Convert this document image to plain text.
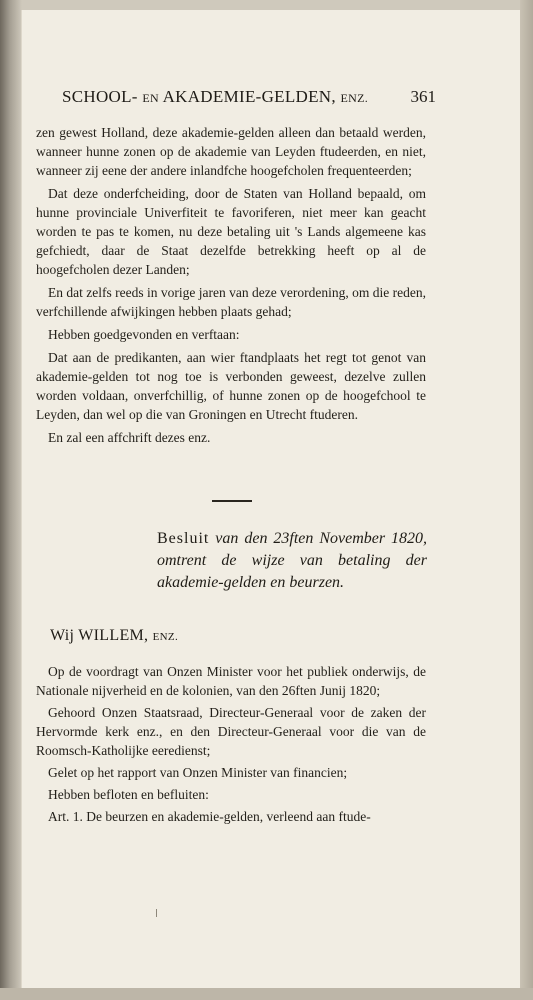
SCHOOL- EN AKADEMIE-GELDEN, ENZ.	361

zen gewest Holland, deze akademie-gelden alleen dan betaald werden, wanneer hunne zonen op de akademie van Leyden ftudeerden, en niet, wanneer zij eene der andere inlandfche hoogefcholen frequenteerden;

Dat deze onderfcheiding, door de Staten van Holland bepaald, om hunne provinciale Univerfiteit te favoriferen, niet meer kan geacht worden te pas te komen, nu deze betaling uit 's Lands algemeene kas gefchiedt, daar de Staat dezelfde betrekking heeft op al de hoogefcholen dezer Landen;

En dat zelfs reeds in vorige jaren van deze verordening, om die reden, verfchillende afwijkingen hebben plaats gehad;

Hebben goedgevonden en verftaan:

Dat aan de predikanten, aan wier ftandplaats het regt tot genot van akademie-gelden tot nog toe is verbonden geweest, dezelve zullen worden voldaan, onverfchillig, of hunne zonen op de hoogefchool te Leyden, dan wel op die van Groningen en Utrecht ftuderen.

En zal een affchrift dezes enz.

Besluit van den 23ften November 1820, omtrent de wijze van betaling der akademie-gelden en beurzen.
Wij WILLEM, ENZ.

Op de voordragt van Onzen Minister voor het publiek onderwijs, de Nationale nijverheid en de kolonien, van den 26ften Junij 1820;

Gehoord Onzen Staatsraad, Directeur-Generaal voor de zaken der Hervormde kerk enz., en den Directeur-Generaal voor die van de Roomsch-Katholijke eeredienst;

Gelet op het rapport van Onzen Minister van financien;

Hebben befloten en befluiten:

Art. 1. De beurzen en akademie-gelden, verleend aan ftude-
